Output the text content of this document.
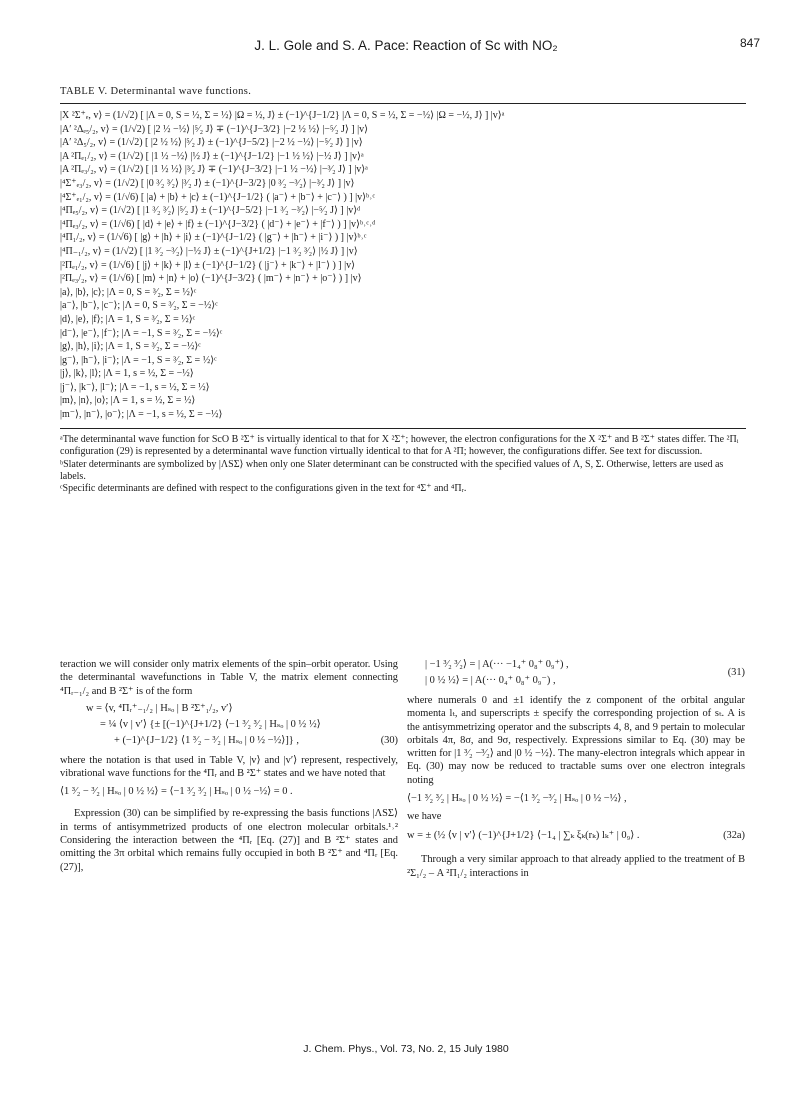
J. L. Gole and S. A. Pace: Reaction of Sc with NO₂	847
TABLE V. Determinantal wave functions.
|X ²Σ⁺ₑ, v⟩ = (1/√2) [ |Λ = 0, S = ½, Σ = ½⟩ |Ω = ½, J⟩ ± (−1)^{J−1/2} |Λ = 0, S = ½, Σ = −½⟩ |Ω = −½, J⟩ ] |v⟩ᵃ
|A′ ²Δₑ₅/₂, v⟩ = (1/√2) [ |2 ½ −½⟩ |⁵⁄₂ J⟩ ∓ (−1)^{J−3/2} |−2 ½ ½⟩ |−⁵⁄₂ J⟩ ] |v⟩
|A′ ²Δ₅/₂, v⟩ = (1/√2) [ |2 ½ ½⟩ |⁵⁄₂ J⟩ ± (−1)^{J−5/2} |−2 ½ −½⟩ |−⁵⁄₂ J⟩ ] |v⟩
|A ²Πₑ₁/₂, v⟩ = (1/√2) [ |1 ½ −½⟩ |½ J⟩ ± (−1)^{J−1/2} |−1 ½ ½⟩ |−½ J⟩ ] |v⟩ᵃ
|A ²Πₑ₃/₂, v⟩ = (1/√2) [ |1 ½ ½⟩ |³⁄₂ J⟩ ∓ (−1)^{J−3/2} |−1 ½ −½⟩ |−³⁄₂ J⟩ ] |v⟩ᵃ
|⁴Σ⁺ₑ₃/₂, v⟩ = (1/√2) [ |0 ³⁄₂ ³⁄₂⟩ |³⁄₂ J⟩ ± (−1)^{J−3/2} |0 ³⁄₂ −³⁄₂⟩ |−³⁄₂ J⟩ ] |v⟩
|⁴Σ⁺ₑ₁/₂, v⟩ = (1/√6) [ |a⟩ + |b⟩ + |c⟩ ± (−1)^{J−1/2} ( |a⁻⟩ + |b⁻⟩ + |c⁻⟩ ) ] |v⟩ᵇ˒ᶜ
|⁴Πₑ₅/₂, v⟩ = (1/√2) [ |1 ³⁄₂ ³⁄₂⟩ |⁵⁄₂ J⟩ ± (−1)^{J−5/2} |−1 ³⁄₂ −³⁄₂⟩ |−⁵⁄₂ J⟩ ] |v⟩ᵈ
|⁴Πₑ₃/₂, v⟩ = (1/√6) [ |d⟩ + |e⟩ + |f⟩ ± (−1)^{J−3/2} ( |d⁻⟩ + |e⁻⟩ + |f⁻⟩ ) ] |v⟩ᵇ˒ᶜ˒ᵈ
|⁴Π₁/₂, v⟩ = (1/√6) [ |g⟩ + |h⟩ + |i⟩ ± (−1)^{J−1/2} ( |g⁻⟩ + |h⁻⟩ + |i⁻⟩ ) ] |v⟩ᵇ˒ᶜ
|⁴Π₋₁/₂, v⟩ = (1/√2) [ |1 ³⁄₂ −³⁄₂⟩ |−½ J⟩ ± (−1)^{J+1/2} |−1 ³⁄₂ ³⁄₂⟩ |½ J⟩ ] |v⟩
|²Πₑ₁/₂, v⟩ = (1/√6) [ |j⟩ + |k⟩ + |l⟩ ± (−1)^{J−1/2} ( |j⁻⟩ + |k⁻⟩ + |l⁻⟩ ) ] |v⟩
|²Πₑ₃/₂, v⟩ = (1/√6) [ |m⟩ + |n⟩ + |o⟩ (−1)^{J−3/2} ( |m⁻⟩ + |n⁻⟩ + |o⁻⟩ ) ] |v⟩
|a⟩, |b⟩, |c⟩; |Λ = 0, S = ³⁄₂, Σ = ½⟩ᶜ
|a⁻⟩, |b⁻⟩, |c⁻⟩; |Λ = 0, S = ³⁄₂, Σ = −½⟩ᶜ
|d⟩, |e⟩, |f⟩; |Λ = 1, S = ³⁄₂, Σ = ½⟩ᶜ
|d⁻⟩, |e⁻⟩, |f⁻⟩; |Λ = −1, S = ³⁄₂, Σ = −½⟩ᶜ
|g⟩, |h⟩, |i⟩; |Λ = 1, S = ³⁄₂, Σ = −½⟩ᶜ
|g⁻⟩, |h⁻⟩, |i⁻⟩; |Λ = −1, S = ³⁄₂, Σ = ½⟩ᶜ
|j⟩, |k⟩, |l⟩; |Λ = 1, s = ½, Σ = −½⟩
|j⁻⟩, |k⁻⟩, |l⁻⟩; |Λ = −1, s = ½, Σ = ½⟩
|m⟩, |n⟩, |o⟩; |Λ = 1, s = ½, Σ = ½⟩
|m⁻⟩, |n⁻⟩, |o⁻⟩; |Λ = −1, s = ½, Σ = −½⟩

ᵃThe determinantal wave function for ScO B ²Σ⁺ is virtually identical to that for X ²Σ⁺; however, the electron configurations for the X ²Σ⁺ and B ²Σ⁺ states differ. The ²Πᵢ configuration (29) is represented by a determinantal wave function virtually identical to that for A ²Π; however, the configurations differ. See text for discussion.

ᵇSlater determinants are symbolized by |ΛSΣ⟩ when only one Slater determinant can be constructed with the specified values of Λ, S, Σ. Otherwise, letters are used as labels.

ᶜSpecific determinants are defined with respect to the configurations given in the text for ⁴Σ⁺ and ⁴Πᵣ.

teraction we will consider only matrix elements of the spin–orbit operator. Using the determinantal wavefunctions in Table V, the matrix element connecting ⁴Πᵣ₋₁/₂ and B ²Σ⁺ is of the form

w = ⟨v, ⁴Πᵣ⁺₋₁/₂ | Hₛₒ | B ²Σ⁺₁/₂, v′⟩
= ¼ ⟨v | v′⟩ {± [(−1)^{J+1/2} ⟨−1 ³⁄₂ ³⁄₂ | Hₛₒ | 0 ½ ½⟩
+ (−1)^{J−1/2} ⟨1 ³⁄₂ − ³⁄₂ | Hₛₒ | 0 ½ −½⟩]} ,	(30)

where the notation is that used in Table V, |v⟩ and |v′⟩ represent, respectively, vibrational wave functions for the ⁴Πᵣ and B ²Σ⁺ states and we have noted that

⟨1 ³⁄₂ − ³⁄₂ | Hₛₒ | 0 ½ ½⟩ = ⟨−1 ³⁄₂ ³⁄₂ | Hₛₒ | 0 ½ −½⟩ = 0 .

Expression (30) can be simplified by re-expressing the basis functions |ΛSΣ⟩ in terms of antisymmetrized products of one electron molecular orbitals.¹˒² Considering the interaction between the ⁴Πᵣ [Eq. (27)] and B ²Σ⁺ states and omitting the 3π orbital which remains fully occupied in both B ²Σ⁺ and ⁴Πᵣ [Eq. (27)],

| −1 ³⁄₂ ³⁄₂⟩ = | A(··· −1₄⁺ 0₈⁺ 0₉⁺) ,
| 0 ½ ½⟩ = | A(··· 0₄⁺ 0₈⁺ 0₉⁻) ,
(31)

where numerals 0 and ±1 identify the z component of the orbital angular momenta lₜ, and superscripts ± specify the corresponding projection of sₜ. A is the antisymmetrizing operator and the subscripts 4, 8, and 9 pertain to molecular orbitals 4π, 8σ, and 9σ, respectively. Expressions similar to Eq. (30) may be written for |1 ³⁄₂ −³⁄₂⟩ and |0 ½ −½⟩. The many-electron integrals which appear in Eq. (30) may now be reduced to tractable sums over one electron integrals noting

⟨−1 ³⁄₂ ³⁄₂ | Hₛₒ | 0 ½ ½⟩ = −⟨1 ³⁄₂ −³⁄₂ | Hₛₒ | 0 ½ −½⟩ ,

we have

w = ± (½ ⟨v | v′⟩ (−1)^{J+1/2} ⟨−1₄ | ∑ₖ ξₖ(rₖ) lₖ⁺ | 0₉⟩ .	(32a)

Through a very similar approach to that already applied to the treatment of B ²Σ₁/₂ – A ²Π₁/₂ interactions in

J. Chem. Phys., Vol. 73, No. 2, 15 July 1980
